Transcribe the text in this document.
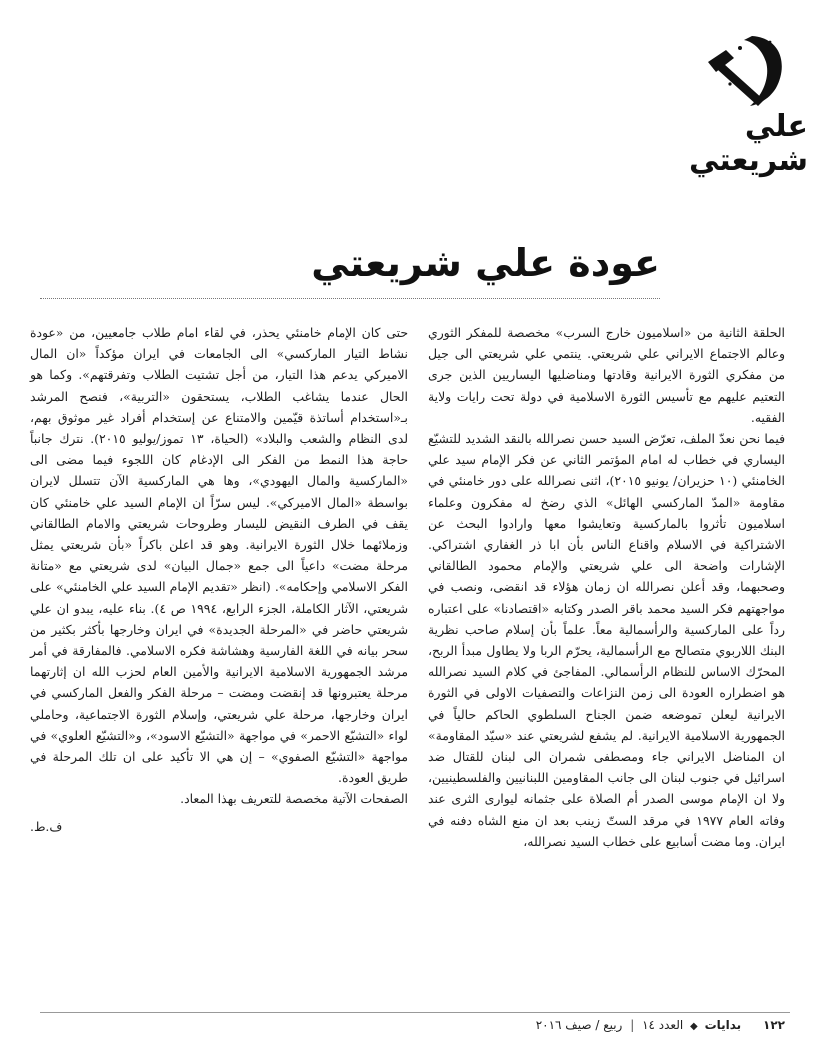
علي شريعتي
عودة علي شريعتي

الحلقة الثانية من «اسلاميون خارج السرب» مخصصة للمفكر الثوري وعالم الاجتماع الايراني علي شريعتي. ينتمي علي شريعتي الى جيل من مفكري الثورة الايرانية وقادتها ومناضليها اليساريين الذين جرى التعتيم عليهم مع تأسيس الثورة الاسلامية في دولة تحت رايات ولاية الفقيه.

فيما نحن نعدّ الملف، تعرّض السيد حسن نصرالله بالنقد الشديد للتشيّع اليساري في خطاب له امام المؤتمر الثاني عن فكر الإمام سيد علي الخامنئي (١٠ حزيران/ يونيو ٢٠١٥)، اثنى نصرالله على دور خامنئي في مقاومة «المدّ الماركسي الهائل» الذي رضخ له مفكرون وعلماء اسلاميون تأثروا بالماركسية وتعايشوا معها وارادوا البحث عن الاشتراكية في الاسلام واقناع الناس بأن ابا ذر الغفاري اشتراكي. الإشارات واضحة الى علي شريعتي والإمام محمود الطالقاني وصحبهما، وقد أعلن نصرالله ان زمان هؤلاء قد انقضى، ونصب في مواجهتهم فكر السيد محمد باقر الصدر وكتابه «اقتصادنا» على اعتباره رداً على الماركسية والرأسمالية معاً. علماً بأن إسلام صاحب نظرية البنك اللاربوي متصالح مع الرأسمالية، يحرّم الربا ولا يطاول مبدأ الربح، المحرّك الاساس للنظام الرأسمالي. المفاجئ في كلام السيد نصرالله هو اضطراره العودة الى زمن النزاعات والتصفيات الاولى في الثورة الايرانية ليعلن تموضعه ضمن الجناح السلطوي الحاكم حالياً في الجمهورية الاسلامية الايرانية. لم يشفع لشريعتي عند «سيّد المقاومة» ان المناضل الايراني جاء ومصطفى شمران الى لبنان للقتال ضد اسرائيل في جنوب لبنان الى جانب المقاومين اللبنانيين والفلسطينيين، ولا ان الإمام موسى الصدر أم الصلاة على جثمانه ليوارى الثرى عند وفاته العام ١٩٧٧ في مرقد الستّ زينب بعد ان منع الشاه دفنه في ايران. وما مضت أسابيع على خطاب السيد نصرالله،

حتى كان الإمام خامنئي يحذر، في لقاء امام طلاب جامعيين، من «عودة نشاط التيار الماركسي» الى الجامعات في ايران مؤكداً «ان المال الاميركي يدعم هذا التيار، من أجل تشتيت الطلاب وتفرقتهم». وكما هو الحال عندما يشاغب الطلاب، يستحقون «التربية»، فنصح المرشد بـ«استخدام أساتذة قيّمين والامتناع عن إستخدام أفراد غير موثوق بهم، لدى النظام والشعب والبلاد» (الحياة، ١٣ تموز/يوليو ٢٠١٥). نترك جانباً حاجة هذا النمط من الفكر الى الإدغام كان اللجوء فيما مضى الى «الماركسية والمال اليهودي»، وها هي الماركسية الآن تتسلل لايران بواسطة «المال الاميركي». ليس سرّاً ان الإمام السيد علي خامنئي كان يقف في الطرف النقيض لليسار وطروحات شريعتي والامام الطالقاني وزملائهما خلال الثورة الايرانية. وهو قد اعلن باكراً «بأن شريعتي يمثل مرحلة مضت» داعياً الى جمع «جمال البيان» لدى شريعتي مع «متانة الفكر الاسلامي وإحكامه». (انظر «تقديم الإمام السيد علي الخامنئي» على شريعتي، الآثار الكاملة، الجزء الرابع، ١٩٩٤ ص ٤). بناء عليه، يبدو ان علي شريعتي حاضر في «المرحلة الجديدة» في ايران وخارجها بأكثر بكثير من سحر بيانه في اللغة الفارسية وهشاشة فكره الاسلامي. فالمفارقة في أمر مرشد الجمهورية الاسلامية الايرانية والأمين العام لحزب الله ان إثارتهما مرحلة يعتبرونها قد إنقضت ومضت – مرحلة الفكر والفعل الماركسي في ايران وخارجها، مرحلة علي شريعتي، وإسلام الثورة الاجتماعية، وحاملي لواء «التشيّع الاحمر» في مواجهة «التشيّع الاسود»، و«التشيّع العلوي» في مواجهة «التشيّع الصفوي» – إن هي الا تأكيد على ان تلك المرحلة في طريق العودة.

الصفحات الآتية مخصصة للتعريف بهذا المعاد.

ف.ط.

١٢٢ بدايات ◆ العدد ١٤ | ربيع / صيف ٢٠١٦
